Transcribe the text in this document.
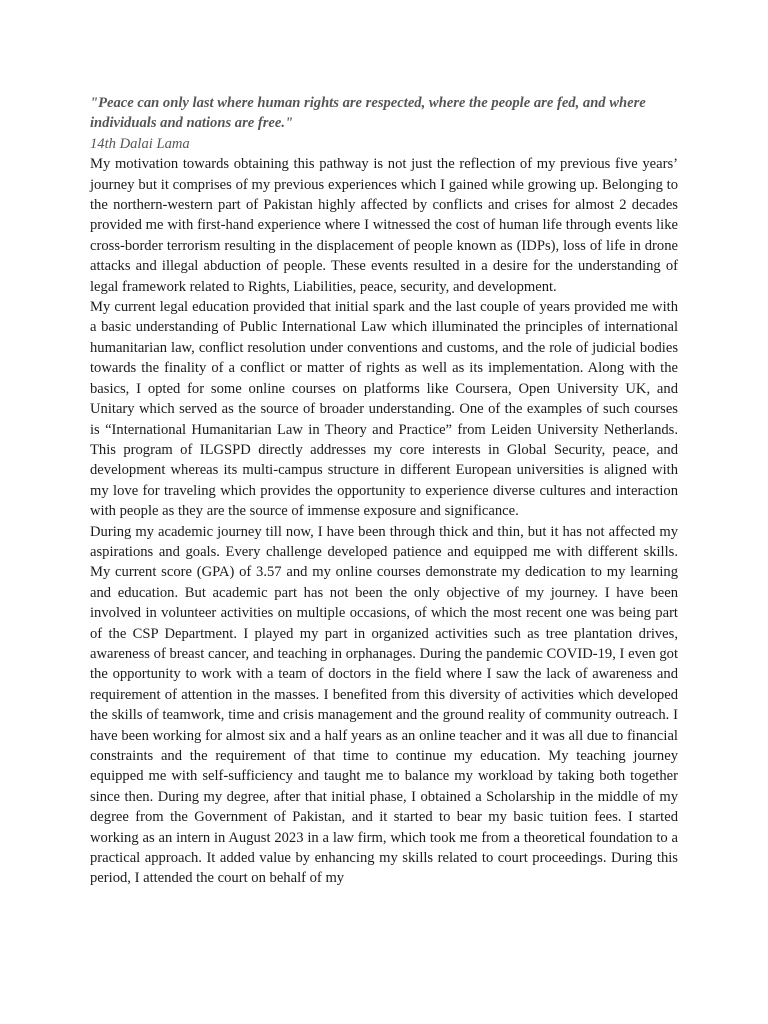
"Peace can only last where human rights are respected, where the people are fed, and where individuals and nations are free."

14th Dalai Lama

My motivation towards obtaining this pathway is not just the reflection of my previous five years’ journey but it comprises of my previous experiences which I gained while growing up. Belonging to the northern-western part of Pakistan highly affected by conflicts and crises for almost 2 decades provided me with first-hand experience where I witnessed the cost of human life through events like cross-border terrorism resulting in the displacement of people known as (IDPs), loss of life in drone attacks and illegal abduction of people. These events resulted in a desire for the understanding of legal framework related to Rights, Liabilities, peace, security, and development.

My current legal education provided that initial spark and the last couple of years provided me with a basic understanding of Public International Law which illuminated the principles of international humanitarian law, conflict resolution under conventions and customs, and the role of judicial bodies towards the finality of a conflict or matter of rights as well as its implementation. Along with the basics, I opted for some online courses on platforms like Coursera, Open University UK, and Unitary which served as the source of broader understanding. One of the examples of such courses is “International Humanitarian Law in Theory and Practice” from Leiden University Netherlands. This program of ILGSPD directly addresses my core interests in Global Security, peace, and development whereas its multi-campus structure in different European universities is aligned with my love for traveling which provides the opportunity to experience diverse cultures and interaction with people as they are the source of immense exposure and significance.

During my academic journey till now, I have been through thick and thin, but it has not affected my aspirations and goals. Every challenge developed patience and equipped me with different skills. My current score (GPA) of 3.57 and my online courses demonstrate my dedication to my learning and education. But academic part has not been the only objective of my journey. I have been involved in volunteer activities on multiple occasions, of which the most recent one was being part of the CSP Department. I played my part in organized activities such as tree plantation drives, awareness of breast cancer, and teaching in orphanages. During the pandemic COVID-19, I even got the opportunity to work with a team of doctors in the field where I saw the lack of awareness and requirement of attention in the masses. I benefited from this diversity of activities which developed the skills of teamwork, time and crisis management and the ground reality of community outreach. I have been working for almost six and a half years as an online teacher and it was all due to financial constraints and the requirement of that time to continue my education. My teaching journey equipped me with self-sufficiency and taught me to balance my workload by taking both together since then. During my degree, after that initial phase, I obtained a Scholarship in the middle of my degree from the Government of Pakistan, and it started to bear my basic tuition fees. I started working as an intern in August 2023 in a law firm, which took me from a theoretical foundation to a practical approach. It added value by enhancing my skills related to court proceedings. During this period, I attended the court on behalf of my
